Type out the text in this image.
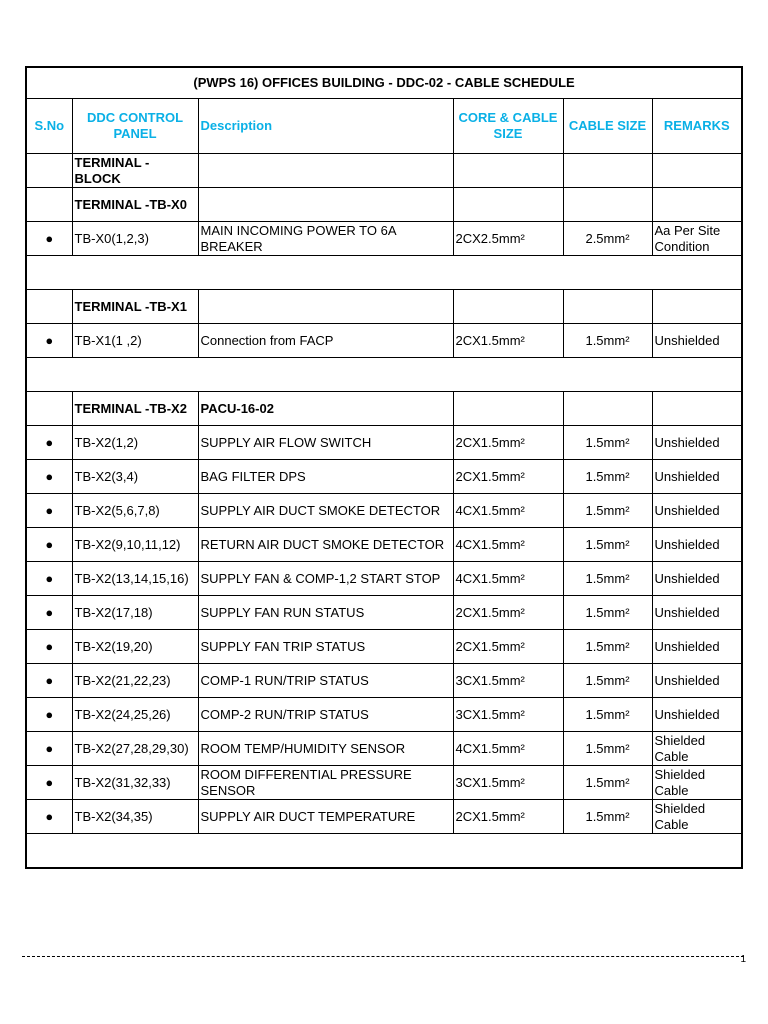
(PWPS 16) OFFICES BUILDING - DDC-02 - CABLE SCHEDULE					
S.No	DDC CONTROL PANEL	Description	CORE & CABLE SIZE	CABLE SIZE	REMARKS
	TERMINAL - BLOCK				
	TERMINAL -TB-X0				
●	TB-X0(1,2,3)	MAIN INCOMING POWER TO 6A BREAKER	2CX2.5mm²	2.5mm²	Aa Per Site Condition

	TERMINAL -TB-X1				
●	TB-X1(1 ,2)	Connection from FACP	2CX1.5mm²	1.5mm²	Unshielded

	TERMINAL -TB-X2	PACU-16-02			
●	TB-X2(1,2)	SUPPLY AIR FLOW SWITCH	2CX1.5mm²	1.5mm²	Unshielded
●	TB-X2(3,4)	BAG FILTER DPS	2CX1.5mm²	1.5mm²	Unshielded
●	TB-X2(5,6,7,8)	SUPPLY AIR DUCT SMOKE DETECTOR	4CX1.5mm²	1.5mm²	Unshielded
●	TB-X2(9,10,11,12)	RETURN AIR DUCT SMOKE DETECTOR	4CX1.5mm²	1.5mm²	Unshielded
●	TB-X2(13,14,15,16)	SUPPLY FAN & COMP-1,2 START STOP	4CX1.5mm²	1.5mm²	Unshielded
●	TB-X2(17,18)	SUPPLY FAN RUN STATUS	2CX1.5mm²	1.5mm²	Unshielded
●	TB-X2(19,20)	SUPPLY FAN TRIP STATUS	2CX1.5mm²	1.5mm²	Unshielded
●	TB-X2(21,22,23)	COMP-1 RUN/TRIP STATUS	3CX1.5mm²	1.5mm²	Unshielded
●	TB-X2(24,25,26)	COMP-2 RUN/TRIP STATUS	3CX1.5mm²	1.5mm²	Unshielded
●	TB-X2(27,28,29,30)	ROOM TEMP/HUMIDITY SENSOR	4CX1.5mm²	1.5mm²	Shielded Cable
●	TB-X2(31,32,33)	ROOM DIFFERENTIAL PRESSURE SENSOR	3CX1.5mm²	1.5mm²	Shielded Cable
●	TB-X2(34,35)	SUPPLY AIR DUCT TEMPERATURE	2CX1.5mm²	1.5mm²	Shielded Cable

1
